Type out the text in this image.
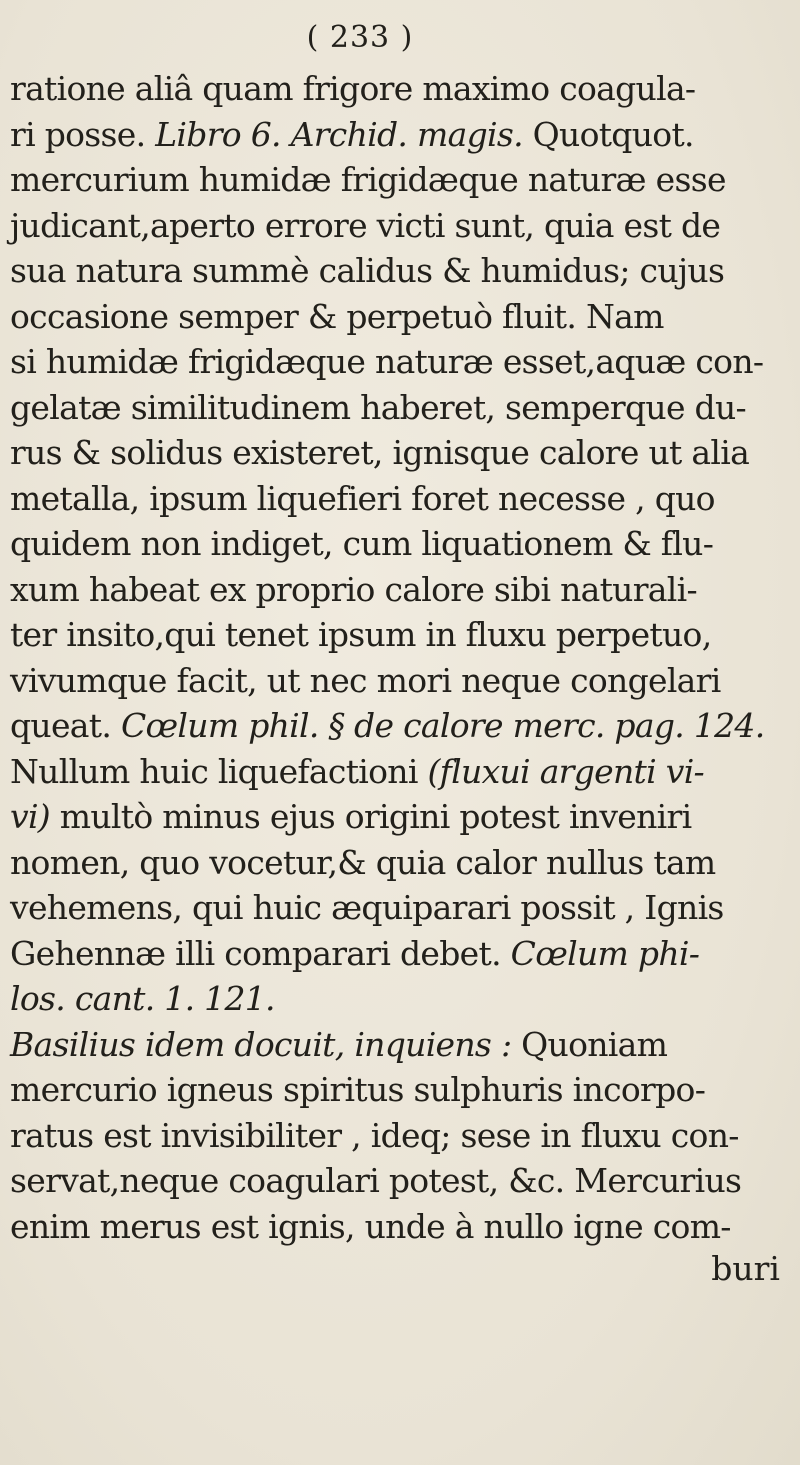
( 233 )
ratione aliâ quam frigore maximo coagula-
ri posse. Libro 6. Archid. magis. Quotquot.
mercurium humidæ frigidæque naturæ esse
judicant,aperto errore victi sunt, quia est de
sua natura summè calidus & humidus; cujus
occasione semper & perpetuò fluit. Nam
si humidæ frigidæque naturæ esset,aquæ con-
gelatæ similitudinem haberet, semperque du-
rus & solidus existeret, ignisque calore ut alia
metalla, ipsum liquefieri foret necesse , quo
quidem non indiget, cum liquationem & flu-
xum habeat ex proprio calore sibi naturali-
ter insito,qui tenet ipsum in fluxu perpetuo,
vivumque facit, ut nec mori neque congelari
queat. Cœlum phil. § de calore merc. pag. 124.
Nullum huic liquefactioni (fluxui argenti vi-
vi) multò minus ejus origini potest inveniri
nomen, quo vocetur,& quia calor nullus tam
vehemens, qui huic æquiparari possit , Ignis
Gehennæ illi comparari debet. Cœlum phi-
los. cant. 1. 121.
Basilius idem docuit, inquiens : Quoniam
mercurio igneus spiritus sulphuris incorpo-
ratus est invisibiliter , ideq; sese in fluxu con-
servat,neque coagulari potest, &c. Mercurius
enim merus est ignis, unde à nullo igne com-
buri
